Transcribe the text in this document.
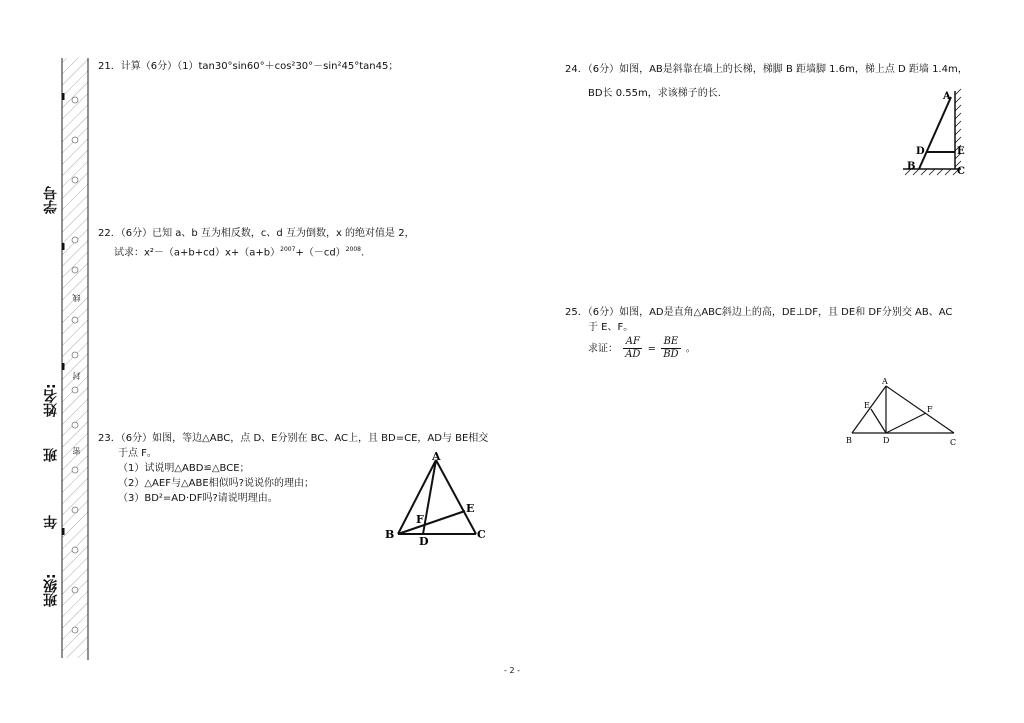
学号
姓名:
班
年
班级:
线
封
密
21．计算（6分）（1）tan30°sin60°＋cos²30°－sin²45°tan45；
22．（6分）已知 a、b 互为相反数，c、d 互为倒数，x 的绝对值是 2，
试求：$x^2-(a+b+cd)x+(a+b)^{2007}+(-cd)^{2008}$.
23．（6分）如图，等边△ABC，点 D、E分别在 BC、AC上，且 BD=CE，AD与 BE相交
于点 F。
（1）试说明△ABD≌△BCE；
（2）△AEF与△ABE相似吗?说说你的理由；
（3）BD²=AD·DF吗?请说明理由。
A
B	C
D
E
F
24．（6分）如图，AB是斜靠在墙上的长梯，梯脚 B 距墙脚 1.6m，梯上点 D 距墙 1.4m，
BD长 0.55m，求该梯子的长.	A
B	C
D	E
25．（6分）如图，AD是直角△ABC斜边上的高，DE⊥DF，且 DE和 DF分别交 AB、AC
于 E、F。
求证： $\frac{AF}{AD} = \frac{BE}{BD}$ 。
A
B	C
D
E	F
- 2 -
